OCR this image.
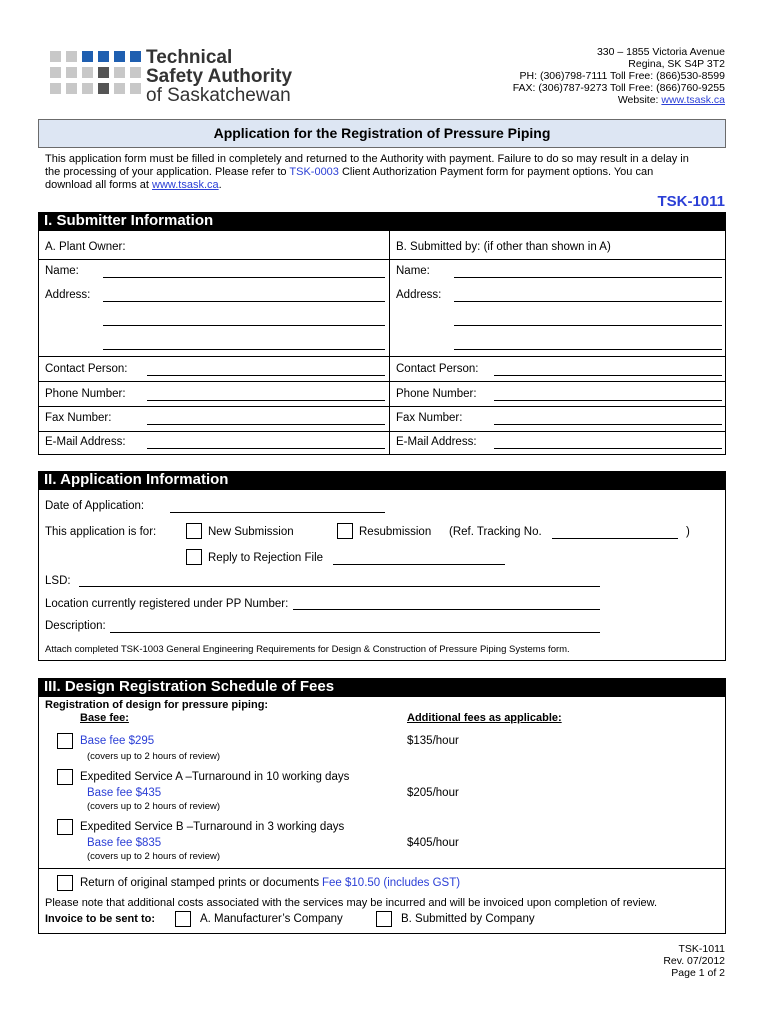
Technical
Safety Authority
of Saskatchewan
330 – 1855 Victoria Avenue
Regina, SK S4P 3T2
PH: (306)798-7111 Toll Free: (866)530-8599
FAX: (306)787-9273 Toll Free: (866)760-9255
Website: www.tsask.ca
Application for the Registration of Pressure Piping
This application form must be filled in completely and returned to the Authority with payment. Failure to do so may result in a delay in
the processing of your application. Please refer to TSK-0003 Client Authorization Payment form for payment options. You can
download all forms at www.tsask.ca.
TSK-1011
I. Submitter Information
A. Plant Owner:
Name:
Address:
Contact Person:
Phone Number:
Fax Number:
E-Mail Address:
B. Submitted by: (if other than shown in A)
Name:
Address:
Contact Person:
Phone Number:
Fax Number:
E-Mail Address:
II. Application Information
Date of Application:
This application is for:	New Submission	Resubmission (Ref. Tracking No.	)
Reply to Rejection File
LSD:
Location currently registered under PP Number:
Description:
Attach completed TSK-1003 General Engineering Requirements for Design & Construction of Pressure Piping Systems form.
III. Design Registration Schedule of Fees
Registration of design for pressure piping:
Base fee:	Additional fees as applicable:
Base fee $295
(covers up to 2 hours of review)
$135/hour
Expedited Service A –Turnaround in 10 working days
Base fee $435
(covers up to 2 hours of review)
$205/hour
Expedited Service B –Turnaround in 3 working days
Base fee $835
(covers up to 2 hours of review)
$405/hour
Return of original stamped prints or documents Fee $10.50 (includes GST)
Please note that additional costs associated with the services may be incurred and will be invoiced upon completion of review.
Invoice to be sent to:	A. Manufacturer’s Company	B. Submitted by Company
TSK-1011
Rev. 07/2012
Page 1 of 2
